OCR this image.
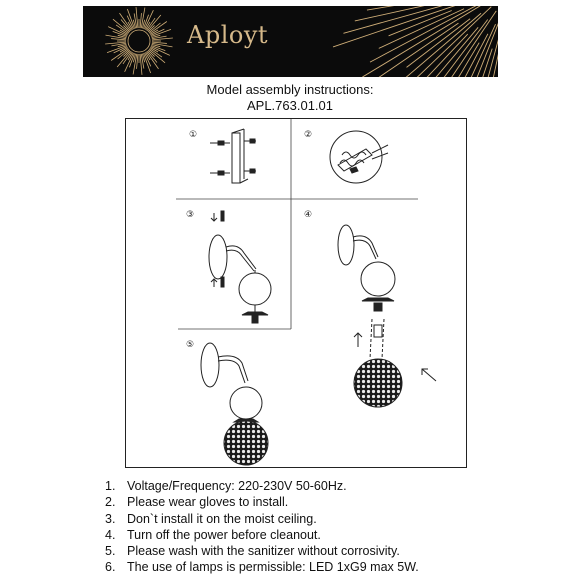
Aployt
Model assembly instructions:
APL.763.01.01
①	②
③	④
⑤
1. Voltage/Frequency: 220-230V 50-60Hz.
2. Please wear gloves to install.
3. Don`t install it on the moist ceiling.
4. Turn off the power before cleanout.
5. Please wash with the sanitizer without corrosivity.
6. The use of lamps is permissible: LED 1xG9 max 5W.
